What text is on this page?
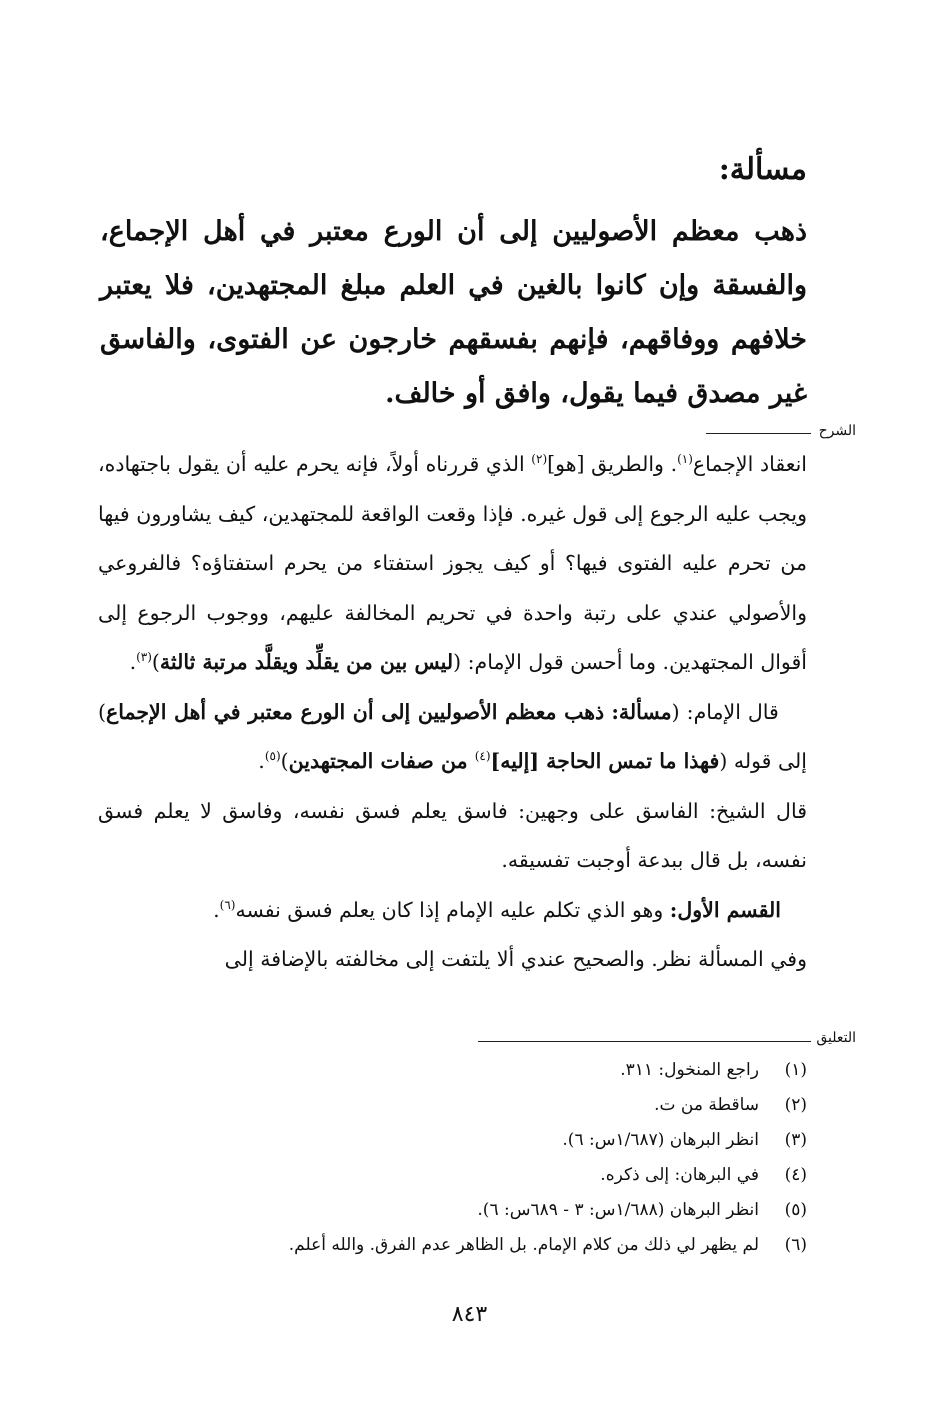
مسألة:

ذهب معظم الأصوليين إلى أن الورع معتبر في أهل الإجماع، والفسقة وإن كانوا بالغين في العلم مبلغ المجتهدين، فلا يعتبر خلافهم ووفاقهم، فإنهم بفسقهم خارجون عن الفتوى، والفاسق غير مصدق فيما يقول، وافق أو خالف.

الشرح

انعقاد الإجماع$^{(١)}$. والطريق [هو]$^{(٢)}$ الذي قررناه أولاً، فإنه يحرم عليه أن يقول باجتهاده، ويجب عليه الرجوع إلى قول غيره. فإذا وقعت الواقعة للمجتهدين، كيف يشاورون فيها من تحرم عليه الفتوى فيها؟ أو كيف يجوز استفتاء من يحرم استفتاؤه؟ فالفروعي والأصولي عندي على رتبة واحدة في تحريم المخالفة عليهم، ووجوب الرجوع إلى أقوال المجتهدين. وما أحسن قول الإمام: (ليس بين من يقلِّد ويقلَّد مرتبة ثالثة)$^{(٣)}$.

​    قال الإمام: (مسألة: ذهب معظم الأصوليين إلى أن الورع معتبر في أهل الإجماع) إلى قوله (فهذا ما تمس الحاجة [إليه]$^{(٤)}$ من صفات المجتهدين)$^{(٥)}$.

قال الشيخ: الفاسق على وجهين: فاسق يعلم فسق نفسه، وفاسق لا يعلم فسق نفسه، بل قال ببدعة أوجبت تفسيقه.

​    القسم الأول: وهو الذي تكلم عليه الإمام إذا كان يعلم فسق نفسه$^{(٦)}$.

وفي المسألة نظر. والصحيح عندي ألا يلتفت إلى مخالفته بالإضافة إلى

التعليق
(١)
راجع المنخول: ٣١١.
(٢)
ساقطة من ت.
(٣)
انظر البرهان (١/٦٨٧س: ٦).
(٤)
في البرهان: إلى ذكره.
(٥)
انظر البرهان (١/٦٨٨س: ٣ - ٦٨٩س: ٦).
(٦)
لم يظهر لي ذلك من كلام الإمام. بل الظاهر عدم الفرق. والله أعلم.
٨٤٣
